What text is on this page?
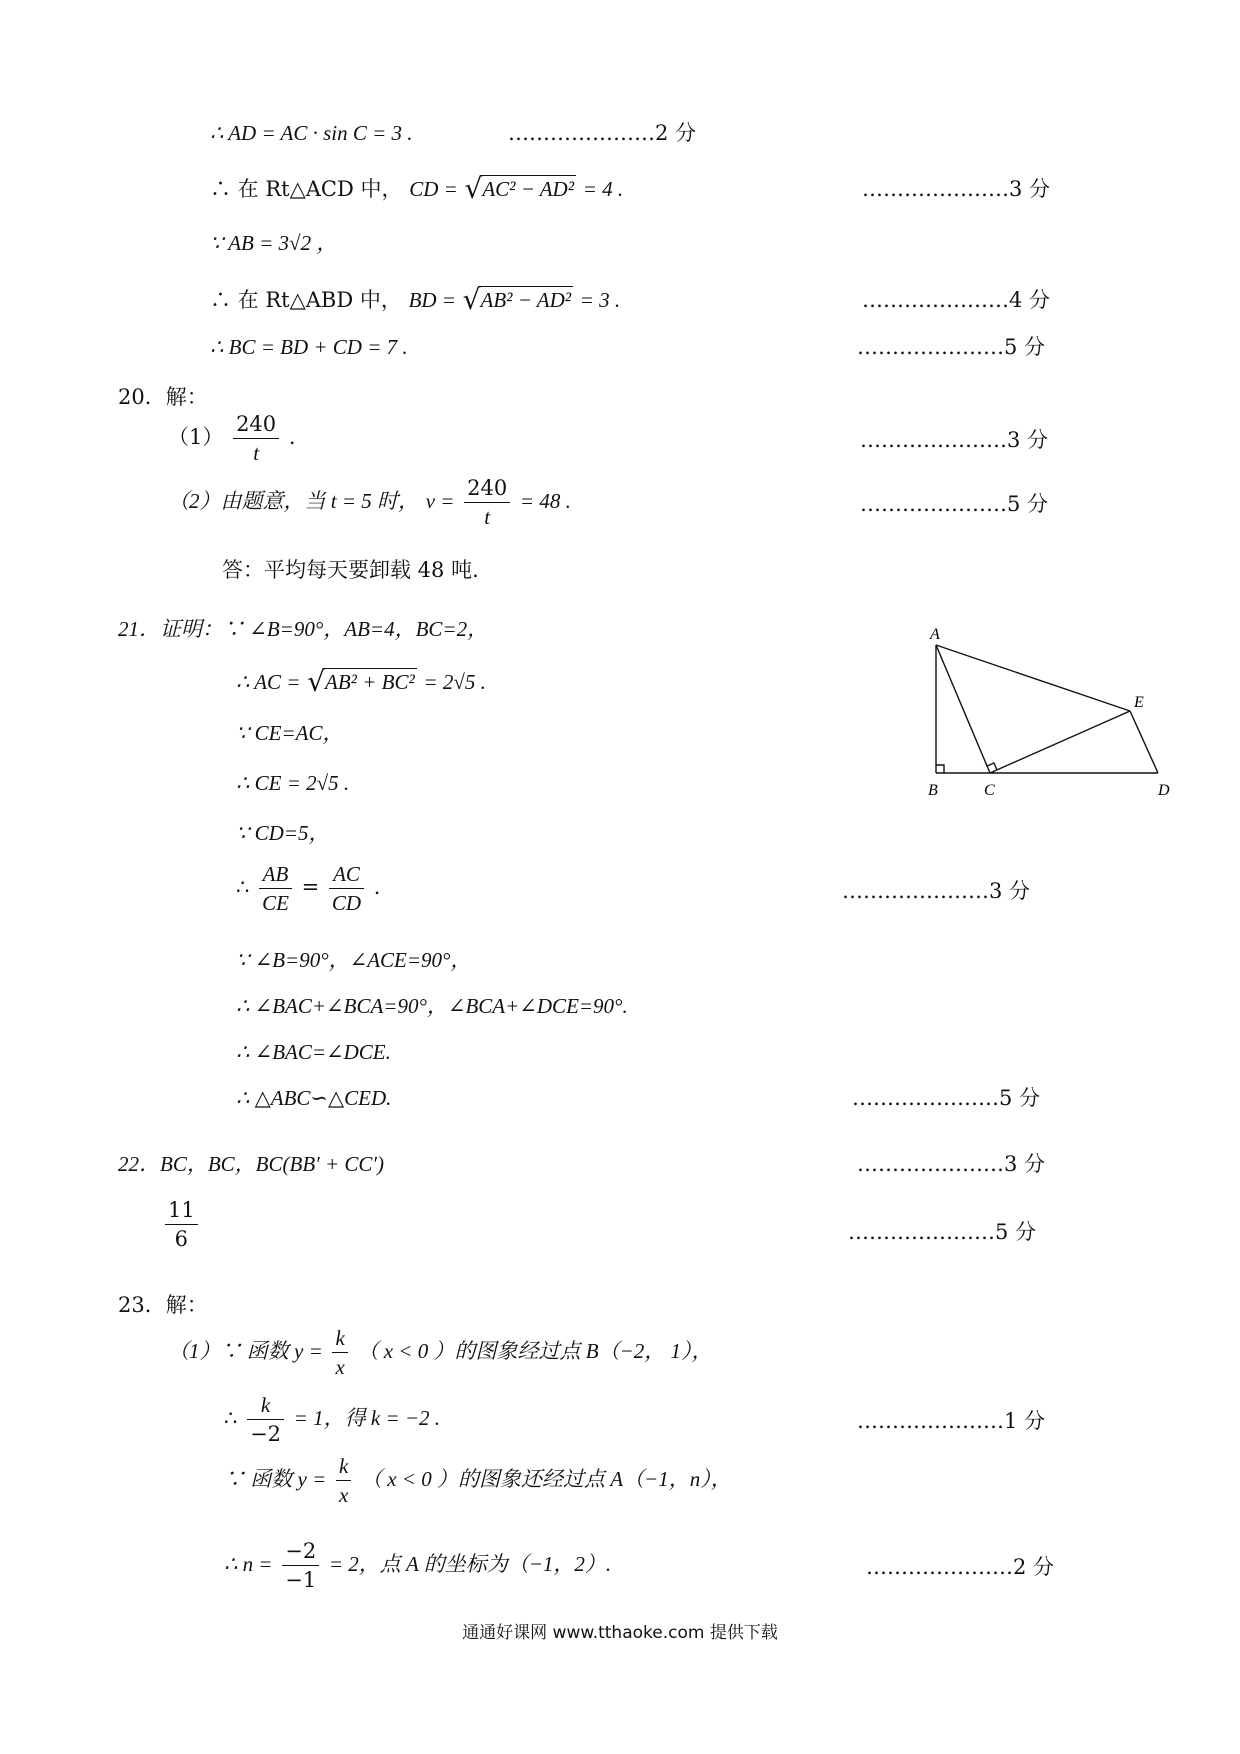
∴ AD = AC · sin C = 3 .	…………………2 分
∴ 在 Rt△ACD 中， CD = √AC² − AD² = 4 .	…………………3 分
∵ AB = 3√2 ，
∴ 在 Rt△ABD 中， BD = √AB² − AD² = 3 .	…………………4 分
∴ BC = BD + CD = 7 .	…………………5 分
20．解：
$(1) \frac{240}{t}$ .	…………………3 分
（2）由题意，当 t = 5 时， $v = \frac{240}{t} = 48$ .	…………………5 分
答：平均每天要卸载 48 吨.
21．证明：∵ ∠B=90°，AB=4，BC=2，
∴ AC = √AB² + BC² = 2√5 .
∵ CE=AC，
∴ CE = 2√5 .
∵ CD=5，
∴ $\frac{AB}{CE} = \frac{AC}{CD}$ .	…………………3 分
∵ ∠B=90°，∠ACE=90°，
∴ ∠BAC+∠BCA=90°，∠BCA+∠DCE=90°.
∴ ∠BAC=∠DCE.
∴ △ABC∽△CED.	…………………5 分
A
B	C	D
E
22．BC，BC，BC(BB′ + CC′)	…………………3 分
$\frac{11}{6}$	…………………5 分
23．解：
（1）∵ 函数 $y = \frac{k}{x}$ （ x < 0 ）的图象经过点 B（−2， 1），
∴ $\frac{k}{-2} = 1$，得 k = −2 .	…………………1 分
∵ 函数 $y = \frac{k}{x}$ （ x < 0 ）的图象还经过点 A（−1，n），
∴ $n = \frac{-2}{-1} = 2$，点 A 的坐标为（−1，2）.	…………………2 分
通通好课网 www.tthaoke.com 提供下载
